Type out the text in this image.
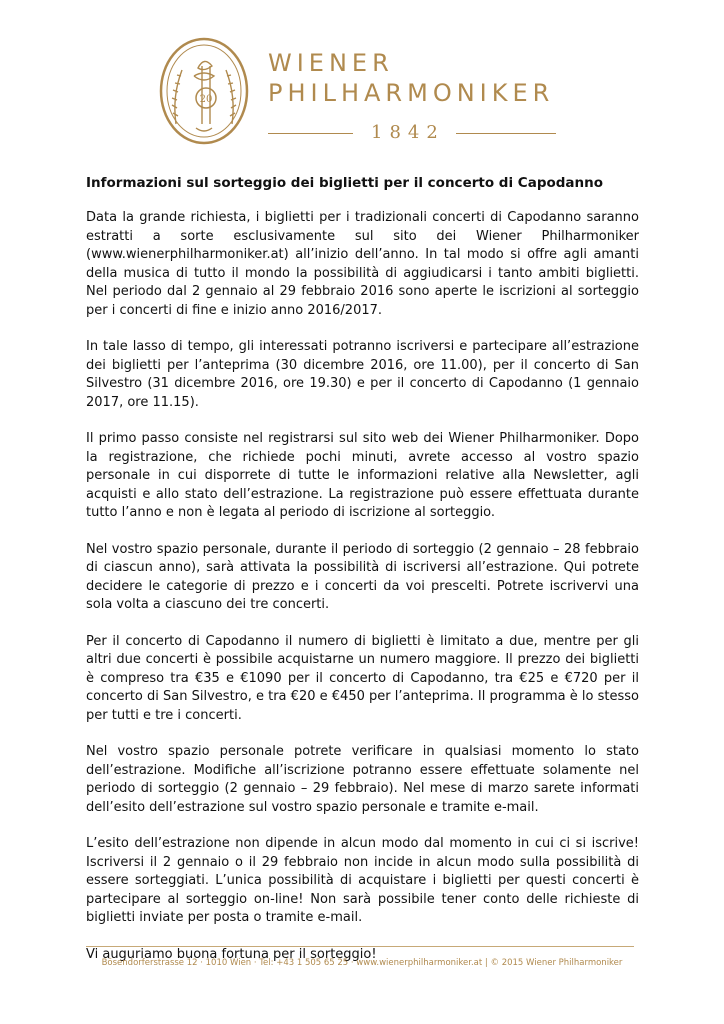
20
WIENER
PHILHARMONIKER
1842
Informazioni sul sorteggio dei biglietti per il concerto di Capodanno

Data la grande richiesta, i biglietti per i tradizionali concerti di Capodanno saranno estratti a sorte esclusivamente sul sito dei Wiener Philharmoniker (www.wienerphilharmoniker.at) all’inizio dell’anno. In tal modo si offre agli amanti della musica di tutto il mondo la possibilità di aggiudicarsi i tanto ambiti biglietti. Nel periodo dal 2 gennaio al 29 febbraio 2016 sono aperte le iscrizioni al sorteggio per i concerti di fine e inizio anno 2016/2017.

In tale lasso di tempo, gli interessati potranno iscriversi e partecipare all’estrazione dei biglietti per l’anteprima (30 dicembre 2016, ore 11.00), per il concerto di San Silvestro (31 dicembre 2016, ore 19.30) e per il concerto di Capodanno (1 gennaio 2017, ore 11.15).

Il primo passo consiste nel registrarsi sul sito web dei Wiener Philharmoniker. Dopo la registrazione, che richiede pochi minuti, avrete accesso al vostro spazio personale in cui disporrete di tutte le informazioni relative alla Newsletter, agli acquisti e allo stato dell’estrazione. La registrazione può essere effettuata durante tutto l’anno e non è legata al periodo di iscrizione al sorteggio.

Nel vostro spazio personale, durante il periodo di sorteggio (2 gennaio – 28 febbraio di ciascun anno), sarà attivata la possibilità di iscriversi all’estrazione. Qui potrete decidere le categorie di prezzo e i concerti da voi prescelti. Potrete iscrivervi una sola volta a ciascuno dei tre concerti.

Per il concerto di Capodanno il numero di biglietti è limitato a due, mentre per gli altri due concerti è possibile acquistarne un numero maggiore. Il prezzo dei biglietti è compreso tra €35 e €1090 per il concerto di Capodanno, tra €25 e €720 per il concerto di San Silvestro, e tra €20 e €450 per l’anteprima. Il programma è lo stesso per tutti e tre i concerti.

Nel vostro spazio personale potrete verificare in qualsiasi momento lo stato dell’estrazione. Modifiche all’iscrizione potranno essere effettuate solamente nel periodo di sorteggio (2 gennaio – 29 febbraio). Nel mese di marzo sarete informati dell’esito dell’estrazione sul vostro spazio personale e tramite e-mail.

L’esito dell’estrazione non dipende in alcun modo dal momento in cui ci si iscrive! Iscriversi il 2 gennaio o il 29 febbraio non incide in alcun modo sulla possibilità di essere sorteggiati. L’unica possibilità di acquistare i biglietti per questi concerti è partecipare al sorteggio on-line! Non sarà possibile tener conto delle richieste di biglietti inviate per posta o tramite e-mail.

Vi auguriamo buona fortuna per il sorteggio!

Bösendorferstrasse 12 · 1010 Wien · Tel: +43 1 505 65 25 · www.wienerphilharmoniker.at | © 2015 Wiener Philharmoniker
